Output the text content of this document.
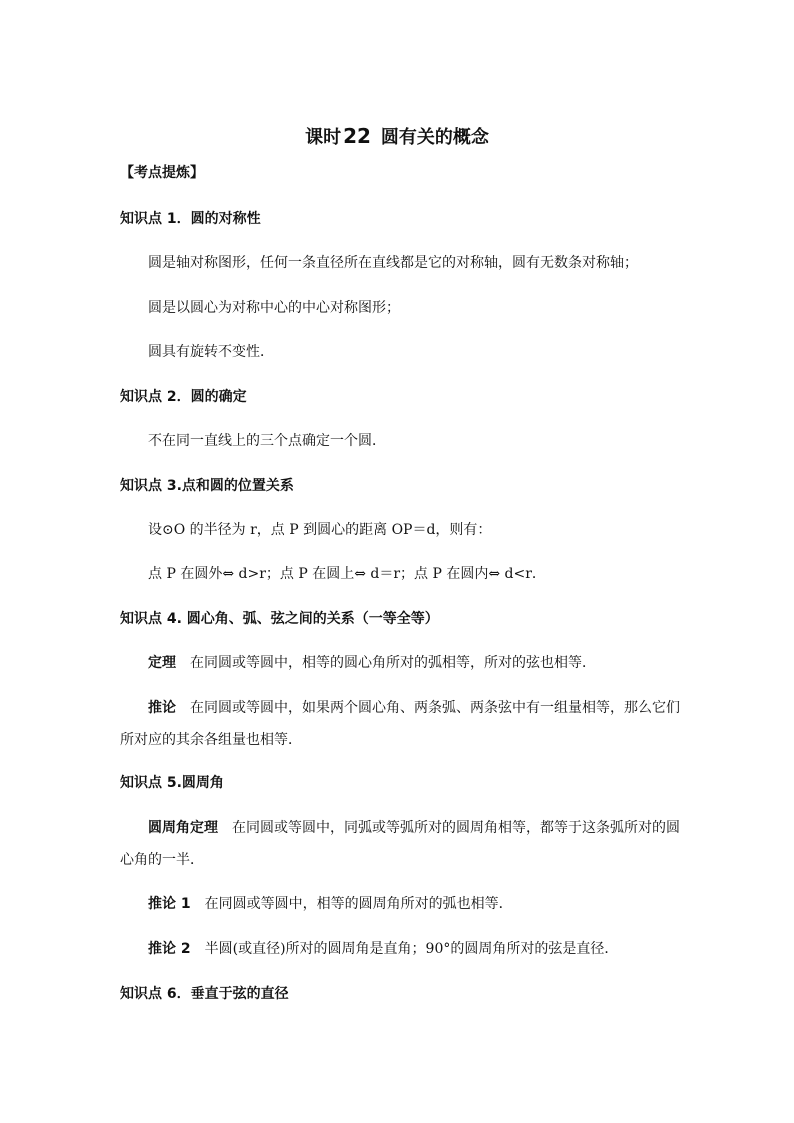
课时 22 圆有关的概念
【考点提炼】
知识点 1．圆的对称性
圆是轴对称图形，任何一条直径所在直线都是它的对称轴，圆有无数条对称轴；
圆是以圆心为对称中心的中心对称图形；
圆具有旋转不变性．
知识点 2．圆的确定
不在同一直线上的三个点确定一个圆．
知识点 3.点和圆的位置关系
设⊙O 的半径为 r，点 P 到圆心的距离 OP＝d，则有：
点 P 在圆外⇔ d>r；点 P 在圆上⇔ d＝r；点 P 在圆内⇔ d<r．
知识点 4. 圆心角、弧、弦之间的关系（一等全等）
定理 在同圆或等圆中，相等的圆心角所对的弧相等，所对的弦也相等．
推论 在同圆或等圆中，如果两个圆心角、两条弧、两条弦中有一组量相等，那么它们
所对应的其余各组量也相等．
知识点 5.圆周角
圆周角定理 在同圆或等圆中，同弧或等弧所对的圆周角相等，都等于这条弧所对的圆
心角的一半．
推论 1 在同圆或等圆中，相等的圆周角所对的弧也相等．
推论 2 半圆(或直径)所对的圆周角是直角；90°的圆周角所对的弦是直径．
知识点 6．垂直于弦的直径
